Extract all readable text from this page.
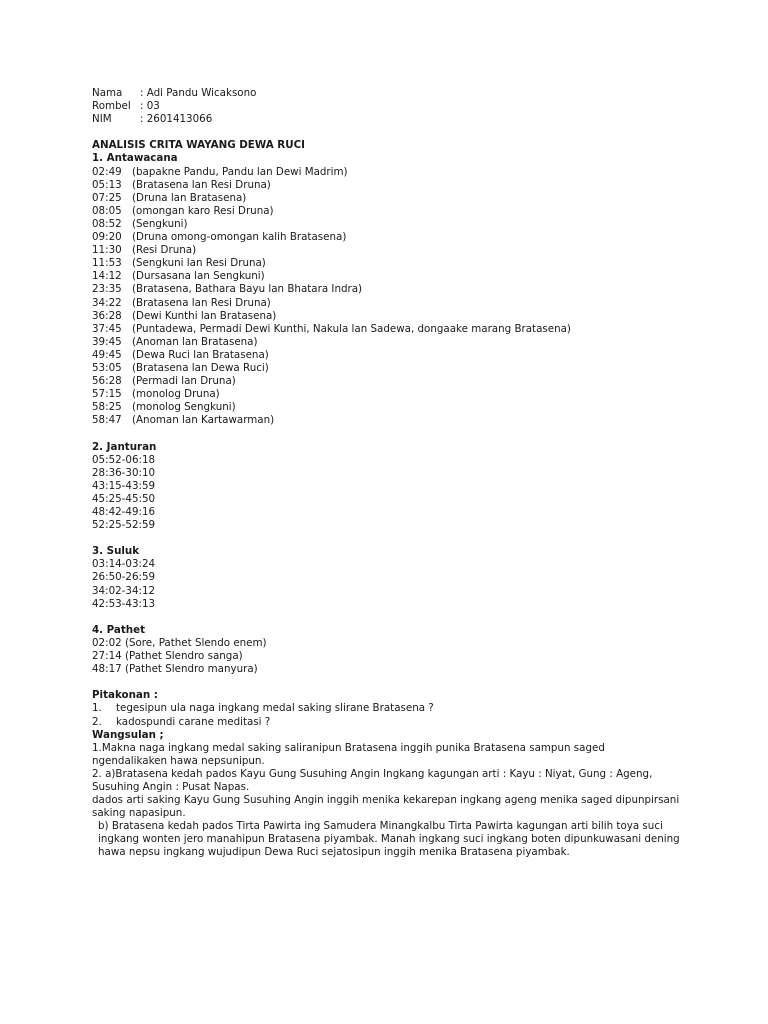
Nama : Adi Pandu Wicaksono
Rombel : 03
NIM	: 2601413066
ANALISIS CRITA WAYANG DEWA RUCI
1. Antawacana
02:49 (bapakne Pandu, Pandu lan Dewi Madrim)
05:13 (Bratasena lan Resi Druna)
07:25 (Druna lan Bratasena)
08:05 (omongan karo Resi Druna)
08:52 (Sengkuni)
09:20 (Druna omong-omongan kalih Bratasena)
11:30 (Resi Druna)
11:53 (Sengkuni lan Resi Druna)
14:12 (Dursasana lan Sengkuni)
23:35 (Bratasena, Bathara Bayu lan Bhatara Indra)
34:22 (Bratasena lan Resi Druna)
36:28 (Dewi Kunthi lan Bratasena)
37:45 (Puntadewa, Permadi Dewi Kunthi, Nakula lan Sadewa, dongaake marang Bratasena)
39:45 (Anoman lan Bratasena)
49:45 (Dewa Ruci lan Bratasena)
53:05 (Bratasena lan Dewa Ruci)
56:28 (Permadi lan Druna)
57:15 (monolog Druna)
58:25 (monolog Sengkuni)
58:47 (Anoman lan Kartawarman)
2. Janturan
05:52-06:18
28:36-30:10
43:15-43:59
45:25-45:50
48:42-49:16
52:25-52:59
3. Suluk
03:14-03:24
26:50-26:59
34:02-34:12
42:53-43:13
4. Pathet
02:02 (Sore, Pathet Slendo enem)
27:14 (Pathet Slendro sanga)
48:17 (Pathet Slendro manyura)
Pitakonan :
1. tegesipun ula naga ingkang medal saking slirane Bratasena ?
2. kadospundi carane meditasi ?
Wangsulan ;
1.Makna naga ingkang medal saking saliranipun Bratasena inggih punika Bratasena sampun saged ngendalikaken hawa nepsunipun.
2. a)Bratasena kedah pados Kayu Gung Susuhing Angin Ingkang kagungan arti : Kayu : Niyat, Gung : Ageng, Susuhing Angin : Pusat Napas.
dados arti saking Kayu Gung Susuhing Angin inggih menika kekarepan ingkang ageng menika saged dipunpirsani saking napasipun.
b) Bratasena kedah pados Tirta Pawirta ing Samudera Minangkalbu Tirta Pawirta kagungan arti bilih toya suci ingkang wonten jero manahipun Bratasena piyambak. Manah ingkang suci ingkang boten dipunkuwasani dening hawa nepsu ingkang wujudipun Dewa Ruci sejatosipun inggih menika Bratasena piyambak.
